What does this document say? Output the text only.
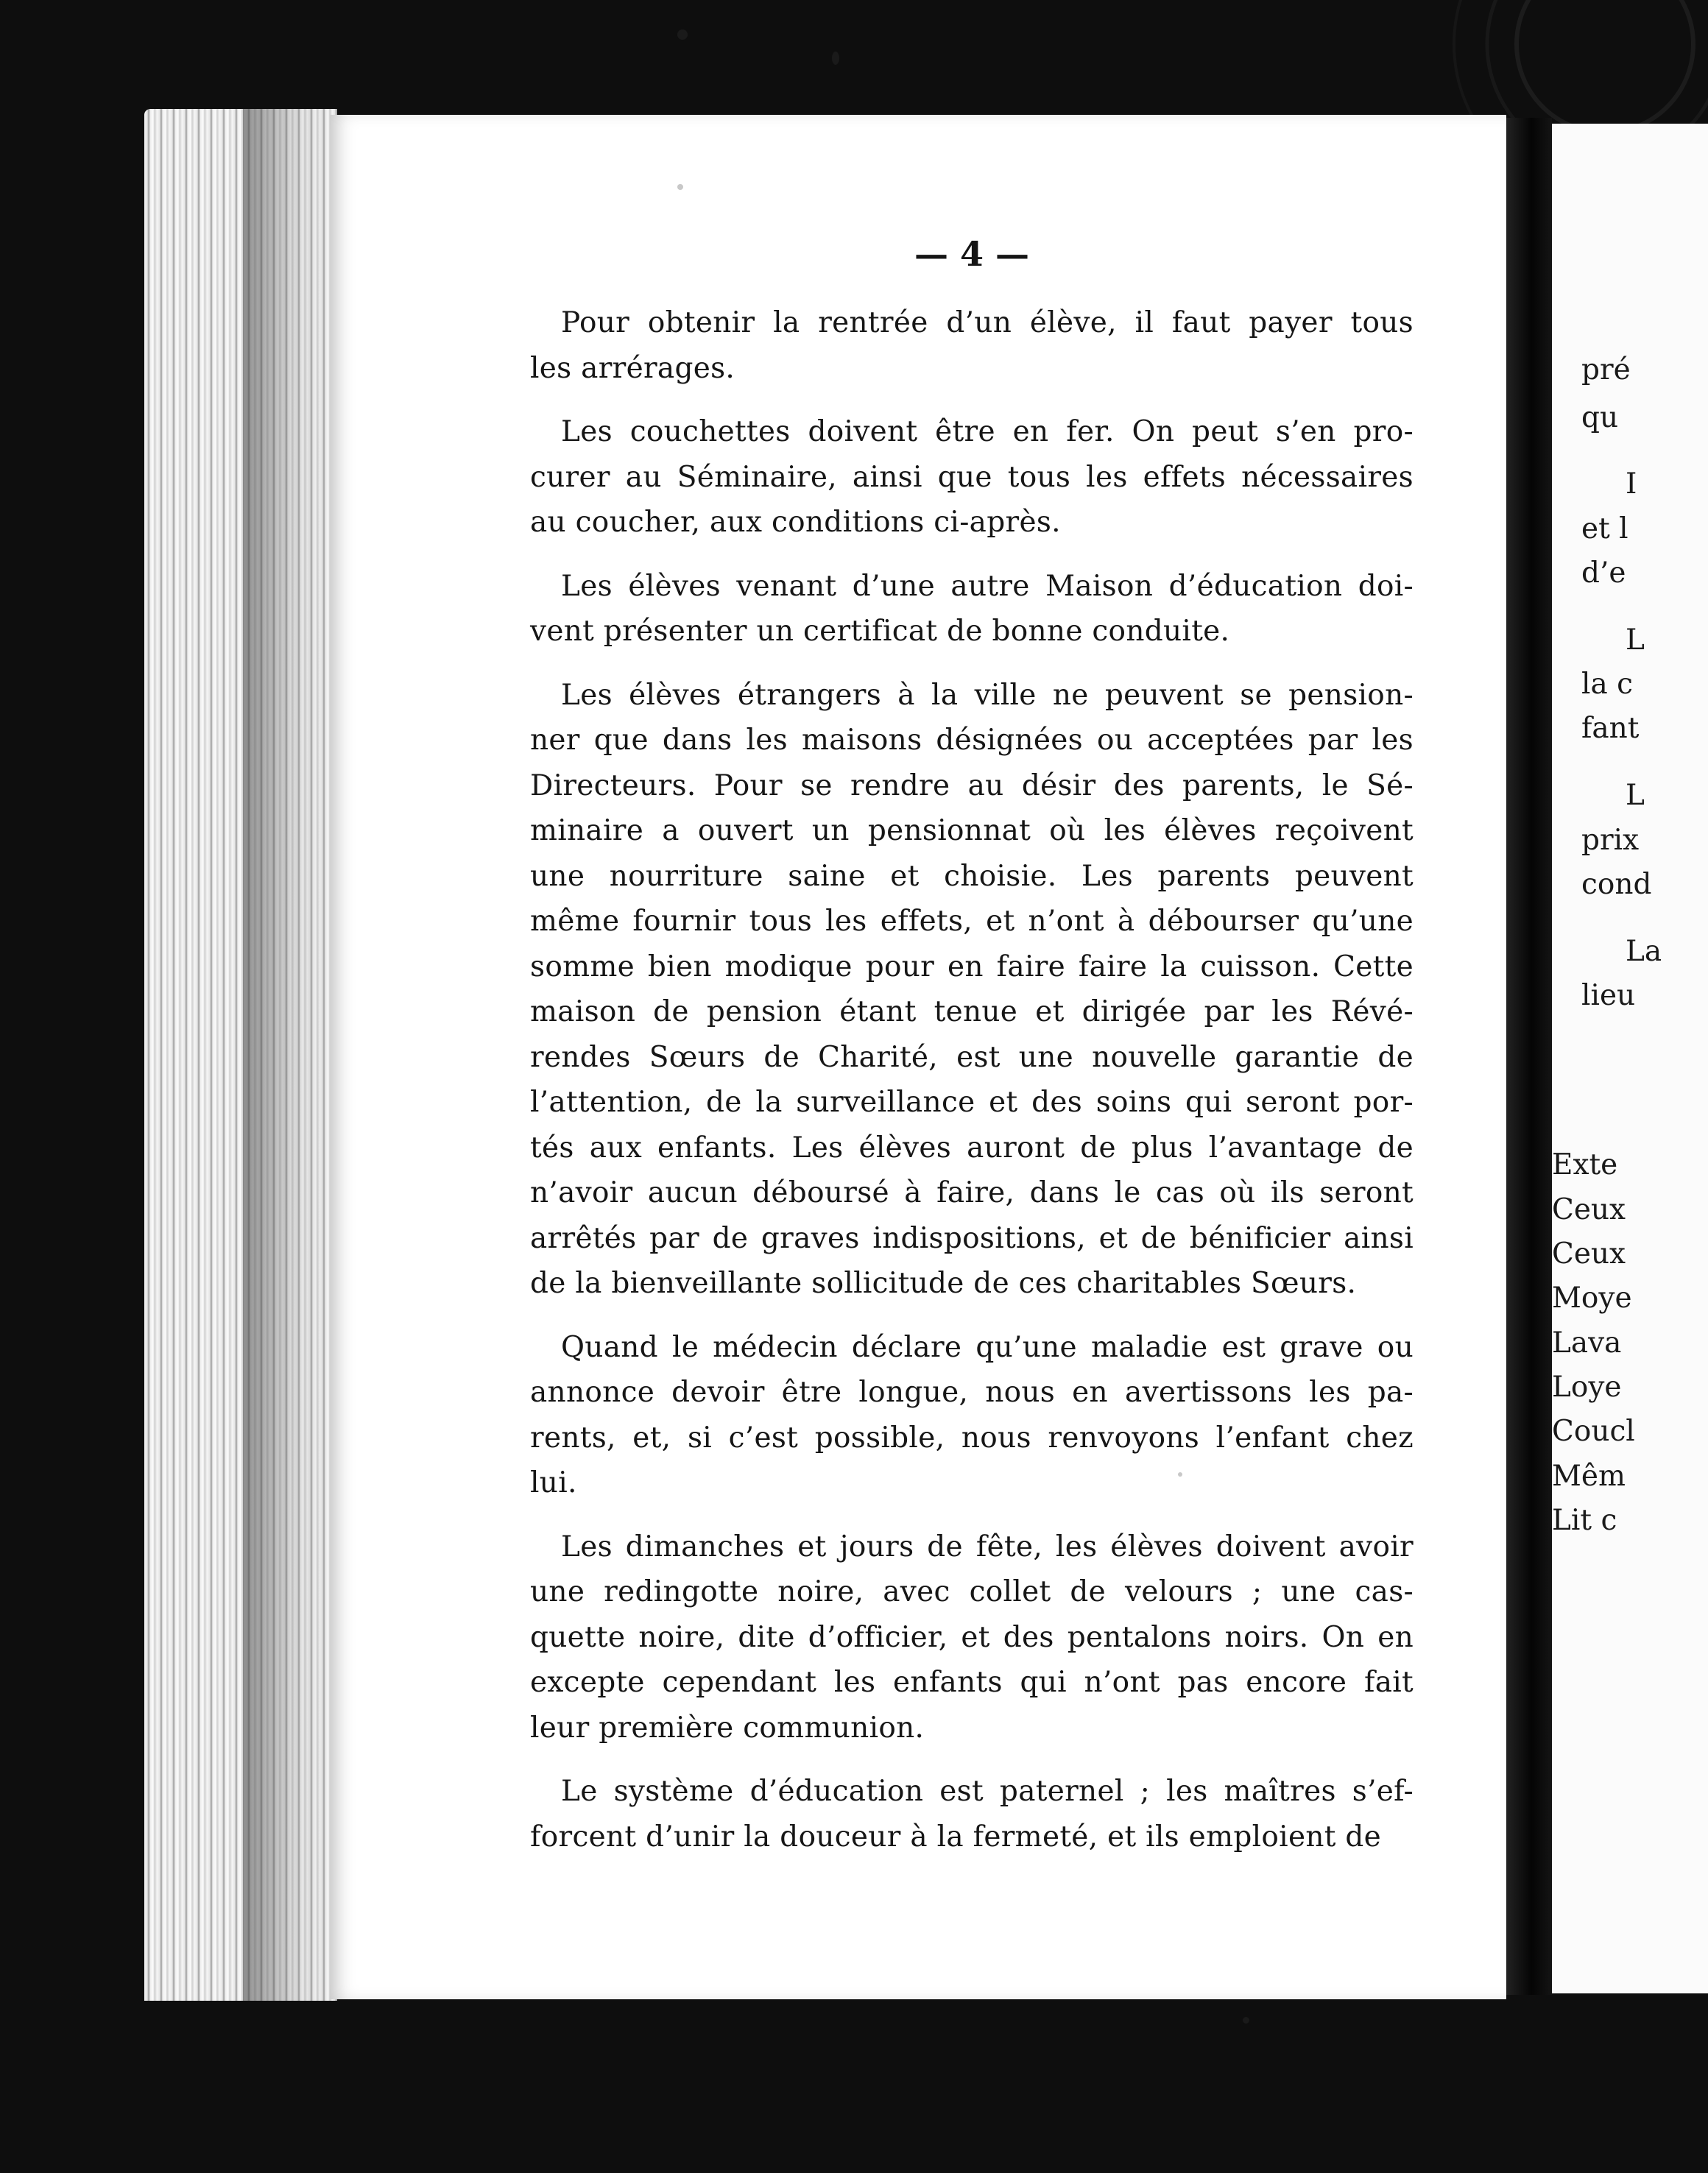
— 4 —
Pour obtenir la rentrée d’un élève, il faut payer tous
les arrérages.
Les couchettes doivent être en fer. On peut s’en pro-
curer au Séminaire, ainsi que tous les effets nécessaires
au coucher, aux conditions ci-après.
Les élèves venant d’une autre Maison d’éducation doi-
vent présenter un certificat de bonne conduite.
Les élèves étrangers à la ville ne peuvent se pension-
ner que dans les maisons désignées ou acceptées par les
Directeurs. Pour se rendre au désir des parents, le Sé-
minaire a ouvert un pensionnat où les élèves reçoivent
une nourriture saine et choisie. Les parents peuvent
même fournir tous les effets, et n’ont à débourser qu’une
somme bien modique pour en faire faire la cuisson. Cette
maison de pension étant tenue et dirigée par les Révé-
rendes Sœurs de Charité, est une nouvelle garantie de
l’attention, de la surveillance et des soins qui seront por-
tés aux enfants. Les élèves auront de plus l’avantage de
n’avoir aucun déboursé à faire, dans le cas où ils seront
arrêtés par de graves indispositions, et de bénificier ainsi
de la bienveillante sollicitude de ces charitables Sœurs.
Quand le médecin déclare qu’une maladie est grave ou
annonce devoir être longue, nous en avertissons les pa-
rents, et, si c’est possible, nous renvoyons l’enfant chez
lui.
Les dimanches et jours de fête, les élèves doivent avoir
une redingotte noire, avec collet de velours ; une cas-
quette noire, dite d’officier, et des pentalons noirs. On en
excepte cependant les enfants qui n’ont pas encore fait
leur première communion.
Le système d’éducation est paternel ; les maîtres s’ef-
forcent d’unir la douceur à la fermeté, et ils emploient de
pré
qu
I
et l
d’e
L
la c
fant
L
prix
cond
La
lieu
Exte
Ceux
Ceux
Moye
Lava
Loye
Coucl
Mêm
Lit c
